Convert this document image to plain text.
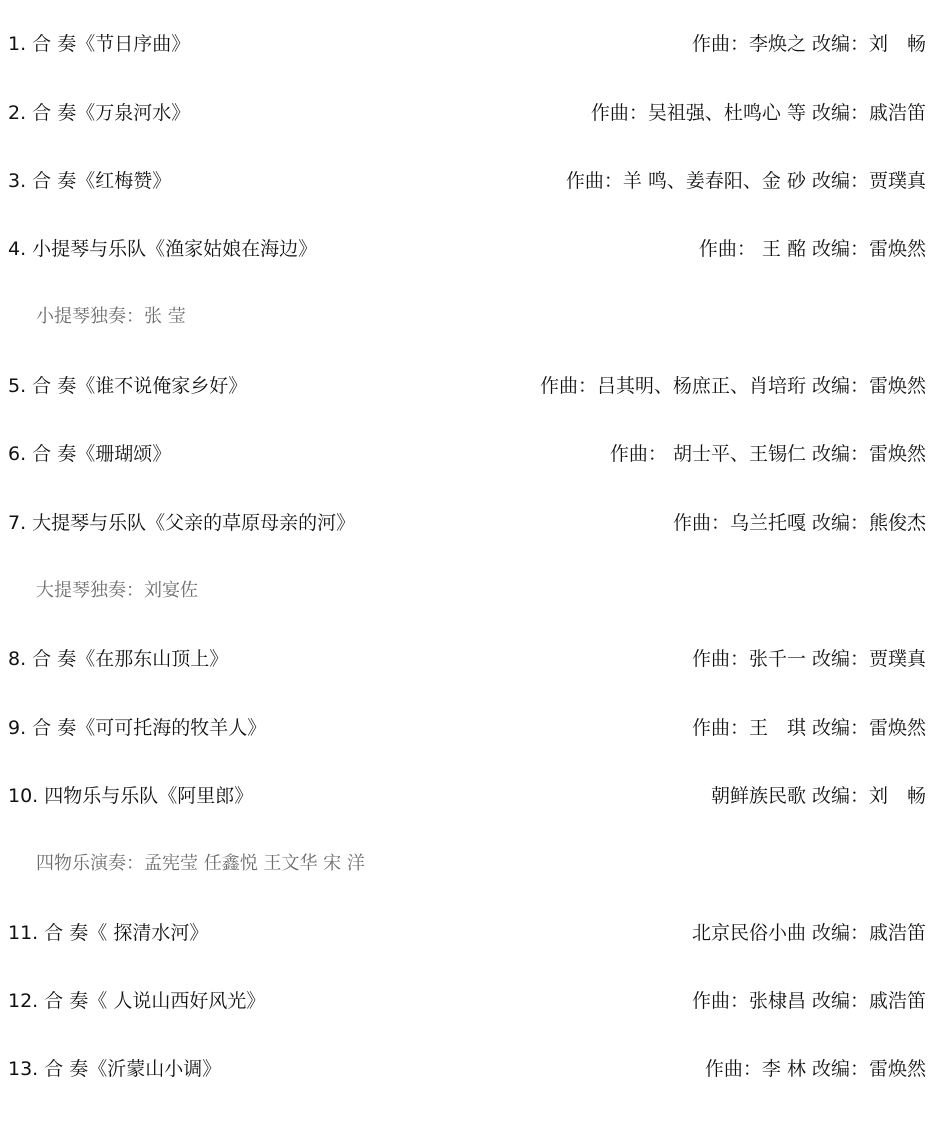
1. 合 奏《节日序曲》	作曲：李焕之 改编：刘　畅
2. 合 奏《万泉河水》	作曲：吴祖强、杜鸣心 等 改编：戚浩笛
3. 合 奏《红梅赞》	作曲：羊 鸣、姜春阳、金 砂 改编：贾璞真
4. 小提琴与乐队《渔家姑娘在海边》	作曲： 王 酩 改编：雷焕然
小提琴独奏：张 莹
5. 合 奏《谁不说俺家乡好》	作曲：吕其明、杨庶正、肖培珩 改编：雷焕然
6. 合 奏《珊瑚颂》	作曲： 胡士平、王锡仁 改编：雷焕然
7. 大提琴与乐队《父亲的草原母亲的河》	作曲：乌兰托嘎 改编：熊俊杰
大提琴独奏：刘宴佐
8. 合 奏《在那东山顶上》	作曲：张千一 改编：贾璞真
9. 合 奏《可可托海的牧羊人》	作曲：王　琪 改编：雷焕然
10. 四物乐与乐队《阿里郎》	朝鲜族民歌 改编：刘　畅
四物乐演奏：孟宪莹 任鑫悦 王文华 宋 洋
11. 合 奏《 探清水河》	北京民俗小曲 改编：戚浩笛
12. 合 奏《 人说山西好风光》	作曲：张棣昌 改编：戚浩笛
13. 合 奏《沂蒙山小调》	作曲：李 林 改编：雷焕然
